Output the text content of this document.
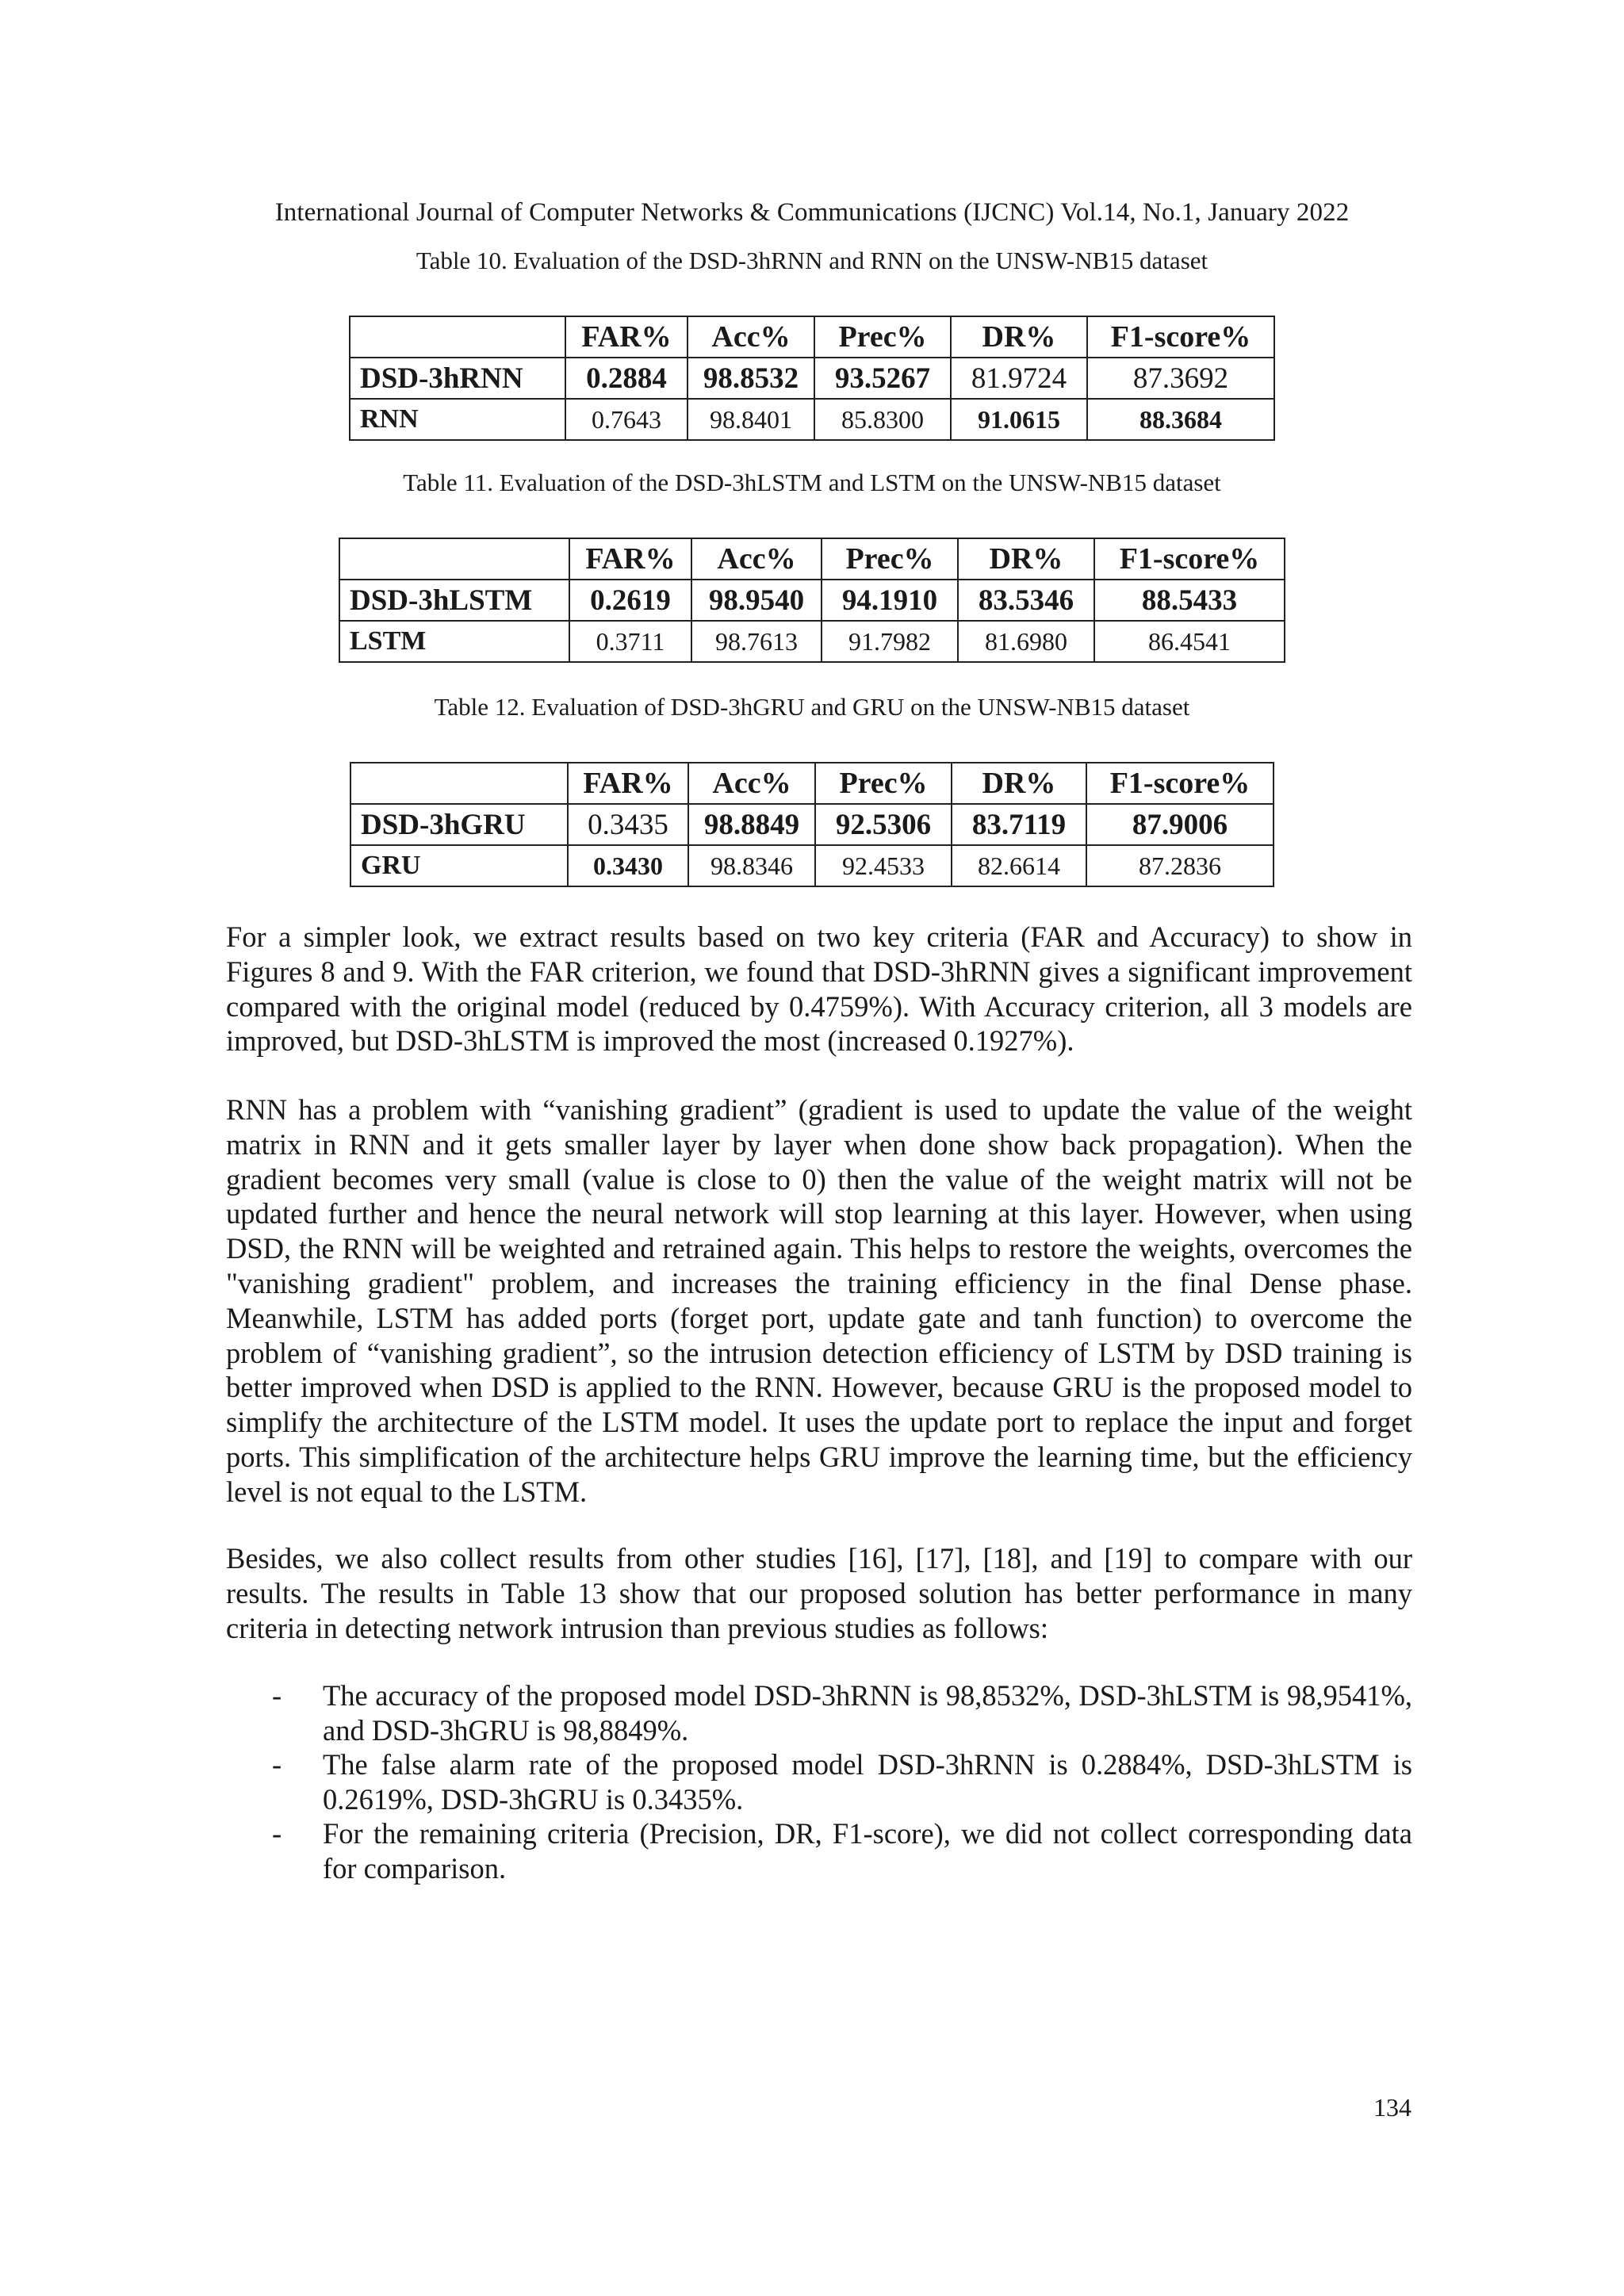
International Journal of Computer Networks & Communications (IJCNC) Vol.14, No.1, January 2022

Table 10. Evaluation of the DSD-3hRNN and RNN on the UNSW-NB15 dataset

	FAR%	Acc%	Prec%	DR%	F1-score%
DSD-3hRNN	0.2884	98.8532	93.5267	81.9724	87.3692
RNN	0.7643	98.8401	85.8300	91.0615	88.3684

Table 11. Evaluation of the DSD-3hLSTM and LSTM on the UNSW-NB15 dataset

	FAR%	Acc%	Prec%	DR%	F1-score%
DSD-3hLSTM	0.2619	98.9540	94.1910	83.5346	88.5433
LSTM	0.3711	98.7613	91.7982	81.6980	86.4541

Table 12. Evaluation of DSD-3hGRU and GRU on the UNSW-NB15 dataset

	FAR%	Acc%	Prec%	DR%	F1-score%
DSD-3hGRU	0.3435	98.8849	92.5306	83.7119	87.9006
GRU	0.3430	98.8346	92.4533	82.6614	87.2836

For a simpler look, we extract results based on two key criteria (FAR and Accuracy) to show in Figures 8 and 9. With the FAR criterion, we found that DSD-3hRNN gives a significant improvement compared with the original model (reduced by 0.4759%). With Accuracy criterion, all 3 models are improved, but DSD-3hLSTM is improved the most (increased 0.1927%).

RNN has a problem with “vanishing gradient” (gradient is used to update the value of the weight matrix in RNN and it gets smaller layer by layer when done show back propagation). When the gradient becomes very small (value is close to 0) then the value of the weight matrix will not be updated further and hence the neural network will stop learning at this layer. However, when using DSD, the RNN will be weighted and retrained again. This helps to restore the weights, overcomes the "vanishing gradient" problem, and increases the training efficiency in the final Dense phase. Meanwhile, LSTM has added ports (forget port, update gate and tanh function) to overcome the problem of “vanishing gradient”, so the intrusion detection efficiency of LSTM by DSD training is better improved when DSD is applied to the RNN. However, because GRU is the proposed model to simplify the architecture of the LSTM model. It uses the update port to replace the input and forget ports. This simplification of the architecture helps GRU improve the learning time, but the efficiency level is not equal to the LSTM.

Besides, we also collect results from other studies [16], [17], [18], and [19] to compare with our results. The results in Table 13 show that our proposed solution has better performance in many criteria in detecting network intrusion than previous studies as follows:

- The accuracy of the proposed model DSD-3hRNN is 98,8532%, DSD-3hLSTM is 98,9541%, and DSD-3hGRU is 98,8849%.
- The false alarm rate of the proposed model DSD-3hRNN is 0.2884%, DSD-3hLSTM is 0.2619%, DSD-3hGRU is 0.3435%.
- For the remaining criteria (Precision, DR, F1-score), we did not collect corresponding data for comparison.
134
